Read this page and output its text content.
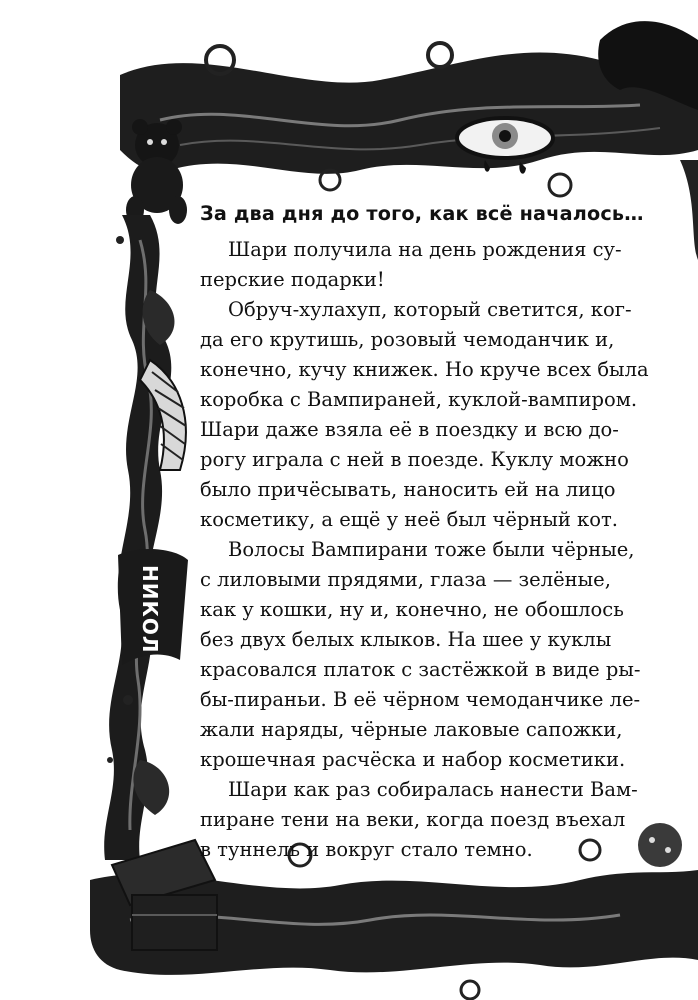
НИКОЛ
За два дня до того, как всё началось…
Шари получила на день рождения су-
перские подарки!
Обруч-хулахуп, который светится, ког-
да его крутишь, розовый чемоданчик и,
конечно, кучу книжек. Но круче всех была
коробка с Вампираней, куклой-вампиром.
Шари даже взяла её в поездку и всю до-
рогу играла с ней в поезде. Куклу можно
было причёсывать, наносить ей на лицо
косметику, а ещё у неё был чёрный кот.
Волосы Вампирани тоже были чёрные,
с лиловыми прядями, глаза — зелёные,
как у кошки, ну и, конечно, не обошлось
без двух белых клыков. На шее у куклы
красовался платок с застёжкой в виде ры-
бы-пираньи. В её чёрном чемоданчике ле-
жали наряды, чёрные лаковые сапожки,
крошечная расчёска и набор косметики.
Шари как раз собиралась нанести Вам-
пиране тени на веки, когда поезд въехал
в туннель и вокруг стало темно.
